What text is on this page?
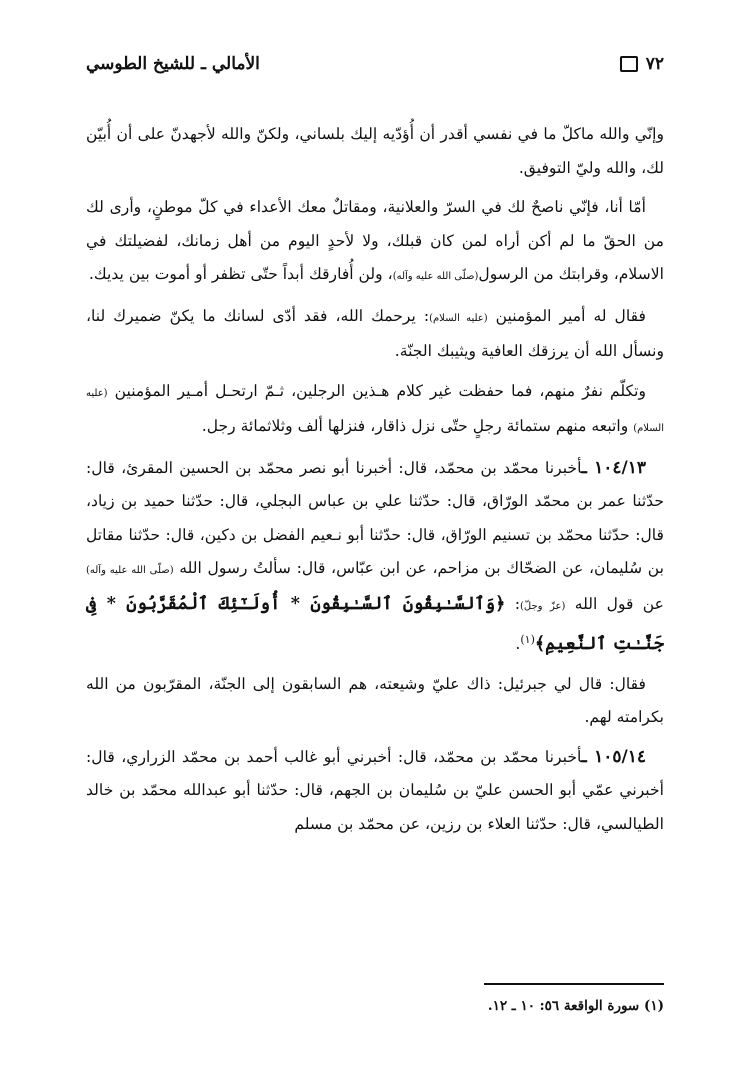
٧٢
الأمالي ـ للشيخ الطوسي

وإنّي والله ماكلّ ما في نفسي أقدر أن أُؤدّيه إليك بلساني، ولكنّ والله لأجهدنّ على أن أُبيّن لك، والله وليّ التوفيق.

أمّا أنا، فإنّي ناصحٌ لك في السرّ والعلانية، ومقاتلٌ معك الأعداء في كلّ موطنٍ، وأرى لك من الحقّ ما لم أكن أراه لمن كان قبلك، ولا لأحدٍ اليوم من أهل زمانك، لفضيلتك في الاسلام، وقرابتك من الرسول(صلّى الله عليه وآله)، ولن أُفارقك أبداً حتّى تظفر أو أموت بين يديك.

فقال له أمير المؤمنين (عليه السلام): يرحمك الله، فقد أدّى لسانك ما يكنّ ضميرك لنا، ونسأل الله أن يرزقك العافية ويثيبك الجنّة.

وتكلّم نفرٌ منهم، فما حفظت غير كلام هـذين الرجلين، ثـمّ ارتحـل أمـير المؤمنين (عليه السلام) واتبعه منهم ستمائة رجلٍ حتّى نزل ذاقار، فنزلها ألف وثلاثمائة رجل.

١٠٤/١٣ ـأخبرنا محمّد بن محمّد، قال: أخبرنا أبو نصر محمّد بن الحسين المقرئ، قال: حدّثنا عمر بن محمّد الورّاق، قال: حدّثنا علي بن عباس البجلي، قال: حدّثنا حميد بن زياد، قال: حدّثنا محمّد بن تسنيم الورّاق، قال: حدّثنا أبو نـعيم الفضل بن دكين، قال: حدّثنا مقاتل بن سُليمان، عن الضحّاك بن مزاحم، عن ابن عبّاس، قال: سألتُ رسول الله (صلّى الله عليه وآله) عن قول الله (عزّ وجلّ): ﴿وَٱلسَّـٰبِقُونَ ٱلسَّـٰبِقُونَ * أُولَـٰٓئِكَ ٱلْمُقَرَّبُونَ * فِى جَنَّـٰتِ ٱلنَّعِيمِ﴾$^{(١)}$.

فقال: قال لي جبرئيل: ذاك عليّ وشيعته، هم السابقون إلى الجنّة، المقرّبون من الله بكرامته لهم.

١٠٥/١٤ ـأخبرنا محمّد بن محمّد، قال: أخبرني أبو غالب أحمد بن محمّد الزراري، قال: أخبرني عمّي أبو الحسن عليّ بن سُليمان بن الجهم، قال: حدّثنا أبو عبدالله محمّد بن خالد الطيالسي، قال: حدّثنا العلاء بن رزين، عن محمّد بن مسلم

(١) سورة الواقعة ٥٦: ١٠ ـ ١٢.
